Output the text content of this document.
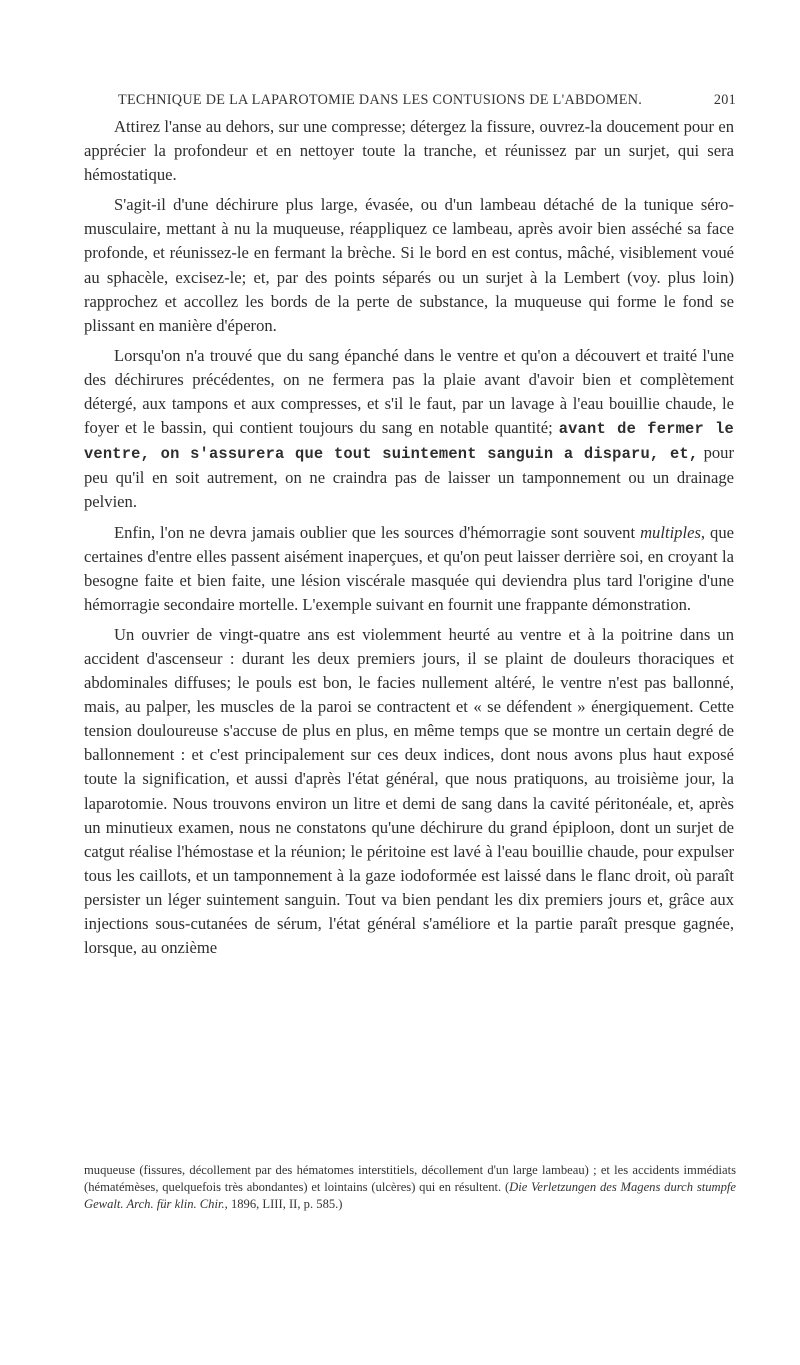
TECHNIQUE DE LA LAPAROTOMIE DANS LES CONTUSIONS DE L'ABDOMEN.	201

Attirez l'anse au dehors, sur une compresse; détergez la fissure, ouvrez-la doucement pour en apprécier la profondeur et en nettoyer toute la tranche, et réunissez par un surjet, qui sera hémostatique.

S'agit-il d'une déchirure plus large, évasée, ou d'un lambeau détaché de la tunique séro-musculaire, mettant à nu la muqueuse, réappliquez ce lambeau, après avoir bien asséché sa face profonde, et réunissez-le en fermant la brèche. Si le bord en est contus, mâché, visiblement voué au sphacèle, excisez-le; et, par des points séparés ou un surjet à la Lembert (voy. plus loin) rapprochez et accollez les bords de la perte de substance, la muqueuse qui forme le fond se plissant en manière d'éperon.

Lorsqu'on n'a trouvé que du sang épanché dans le ventre et qu'on a découvert et traité l'une des déchirures précédentes, on ne fermera pas la plaie avant d'avoir bien et complètement détergé, aux tampons et aux compresses, et s'il le faut, par un lavage à l'eau bouillie chaude, le foyer et le bassin, qui contient toujours du sang en notable quantité; avant de fermer le ventre, on s'assurera que tout suintement sanguin a disparu, et, pour peu qu'il en soit autrement, on ne craindra pas de laisser un tamponnement ou un drainage pelvien.

Enfin, l'on ne devra jamais oublier que les sources d'hémorragie sont souvent multiples, que certaines d'entre elles passent aisément inaperçues, et qu'on peut laisser derrière soi, en croyant la besogne faite et bien faite, une lésion viscérale masquée qui deviendra plus tard l'origine d'une hémorragie secondaire mortelle. L'exemple suivant en fournit une frappante démonstration.

Un ouvrier de vingt-quatre ans est violemment heurté au ventre et à la poitrine dans un accident d'ascenseur : durant les deux premiers jours, il se plaint de douleurs thoraciques et abdominales diffuses; le pouls est bon, le facies nullement altéré, le ventre n'est pas ballonné, mais, au palper, les muscles de la paroi se contractent et « se défendent » énergiquement. Cette tension douloureuse s'accuse de plus en plus, en même temps que se montre un certain degré de ballonnement : et c'est principalement sur ces deux indices, dont nous avons plus haut exposé toute la signification, et aussi d'après l'état général, que nous pratiquons, au troisième jour, la laparotomie. Nous trouvons environ un litre et demi de sang dans la cavité péritonéale, et, après un minutieux examen, nous ne constatons qu'une déchirure du grand épiploon, dont un surjet de catgut réalise l'hémostase et la réunion; le péritoine est lavé à l'eau bouillie chaude, pour expulser tous les caillots, et un tamponnement à la gaze iodoformée est laissé dans le flanc droit, où paraît persister un léger suintement sanguin. Tout va bien pendant les dix premiers jours et, grâce aux injections sous-cutanées de sérum, l'état général s'améliore et la partie paraît presque gagnée, lorsque, au onzième

muqueuse (fissures, décollement par des hématomes interstitiels, décollement d'un large lambeau) ; et les accidents immédiats (hématémèses, quelquefois très abondantes) et lointains (ulcères) qui en résultent. (Die Verletzungen des Magens durch stumpfe Gewalt. Arch. für klin. Chir., 1896, LIII, II, p. 585.)
